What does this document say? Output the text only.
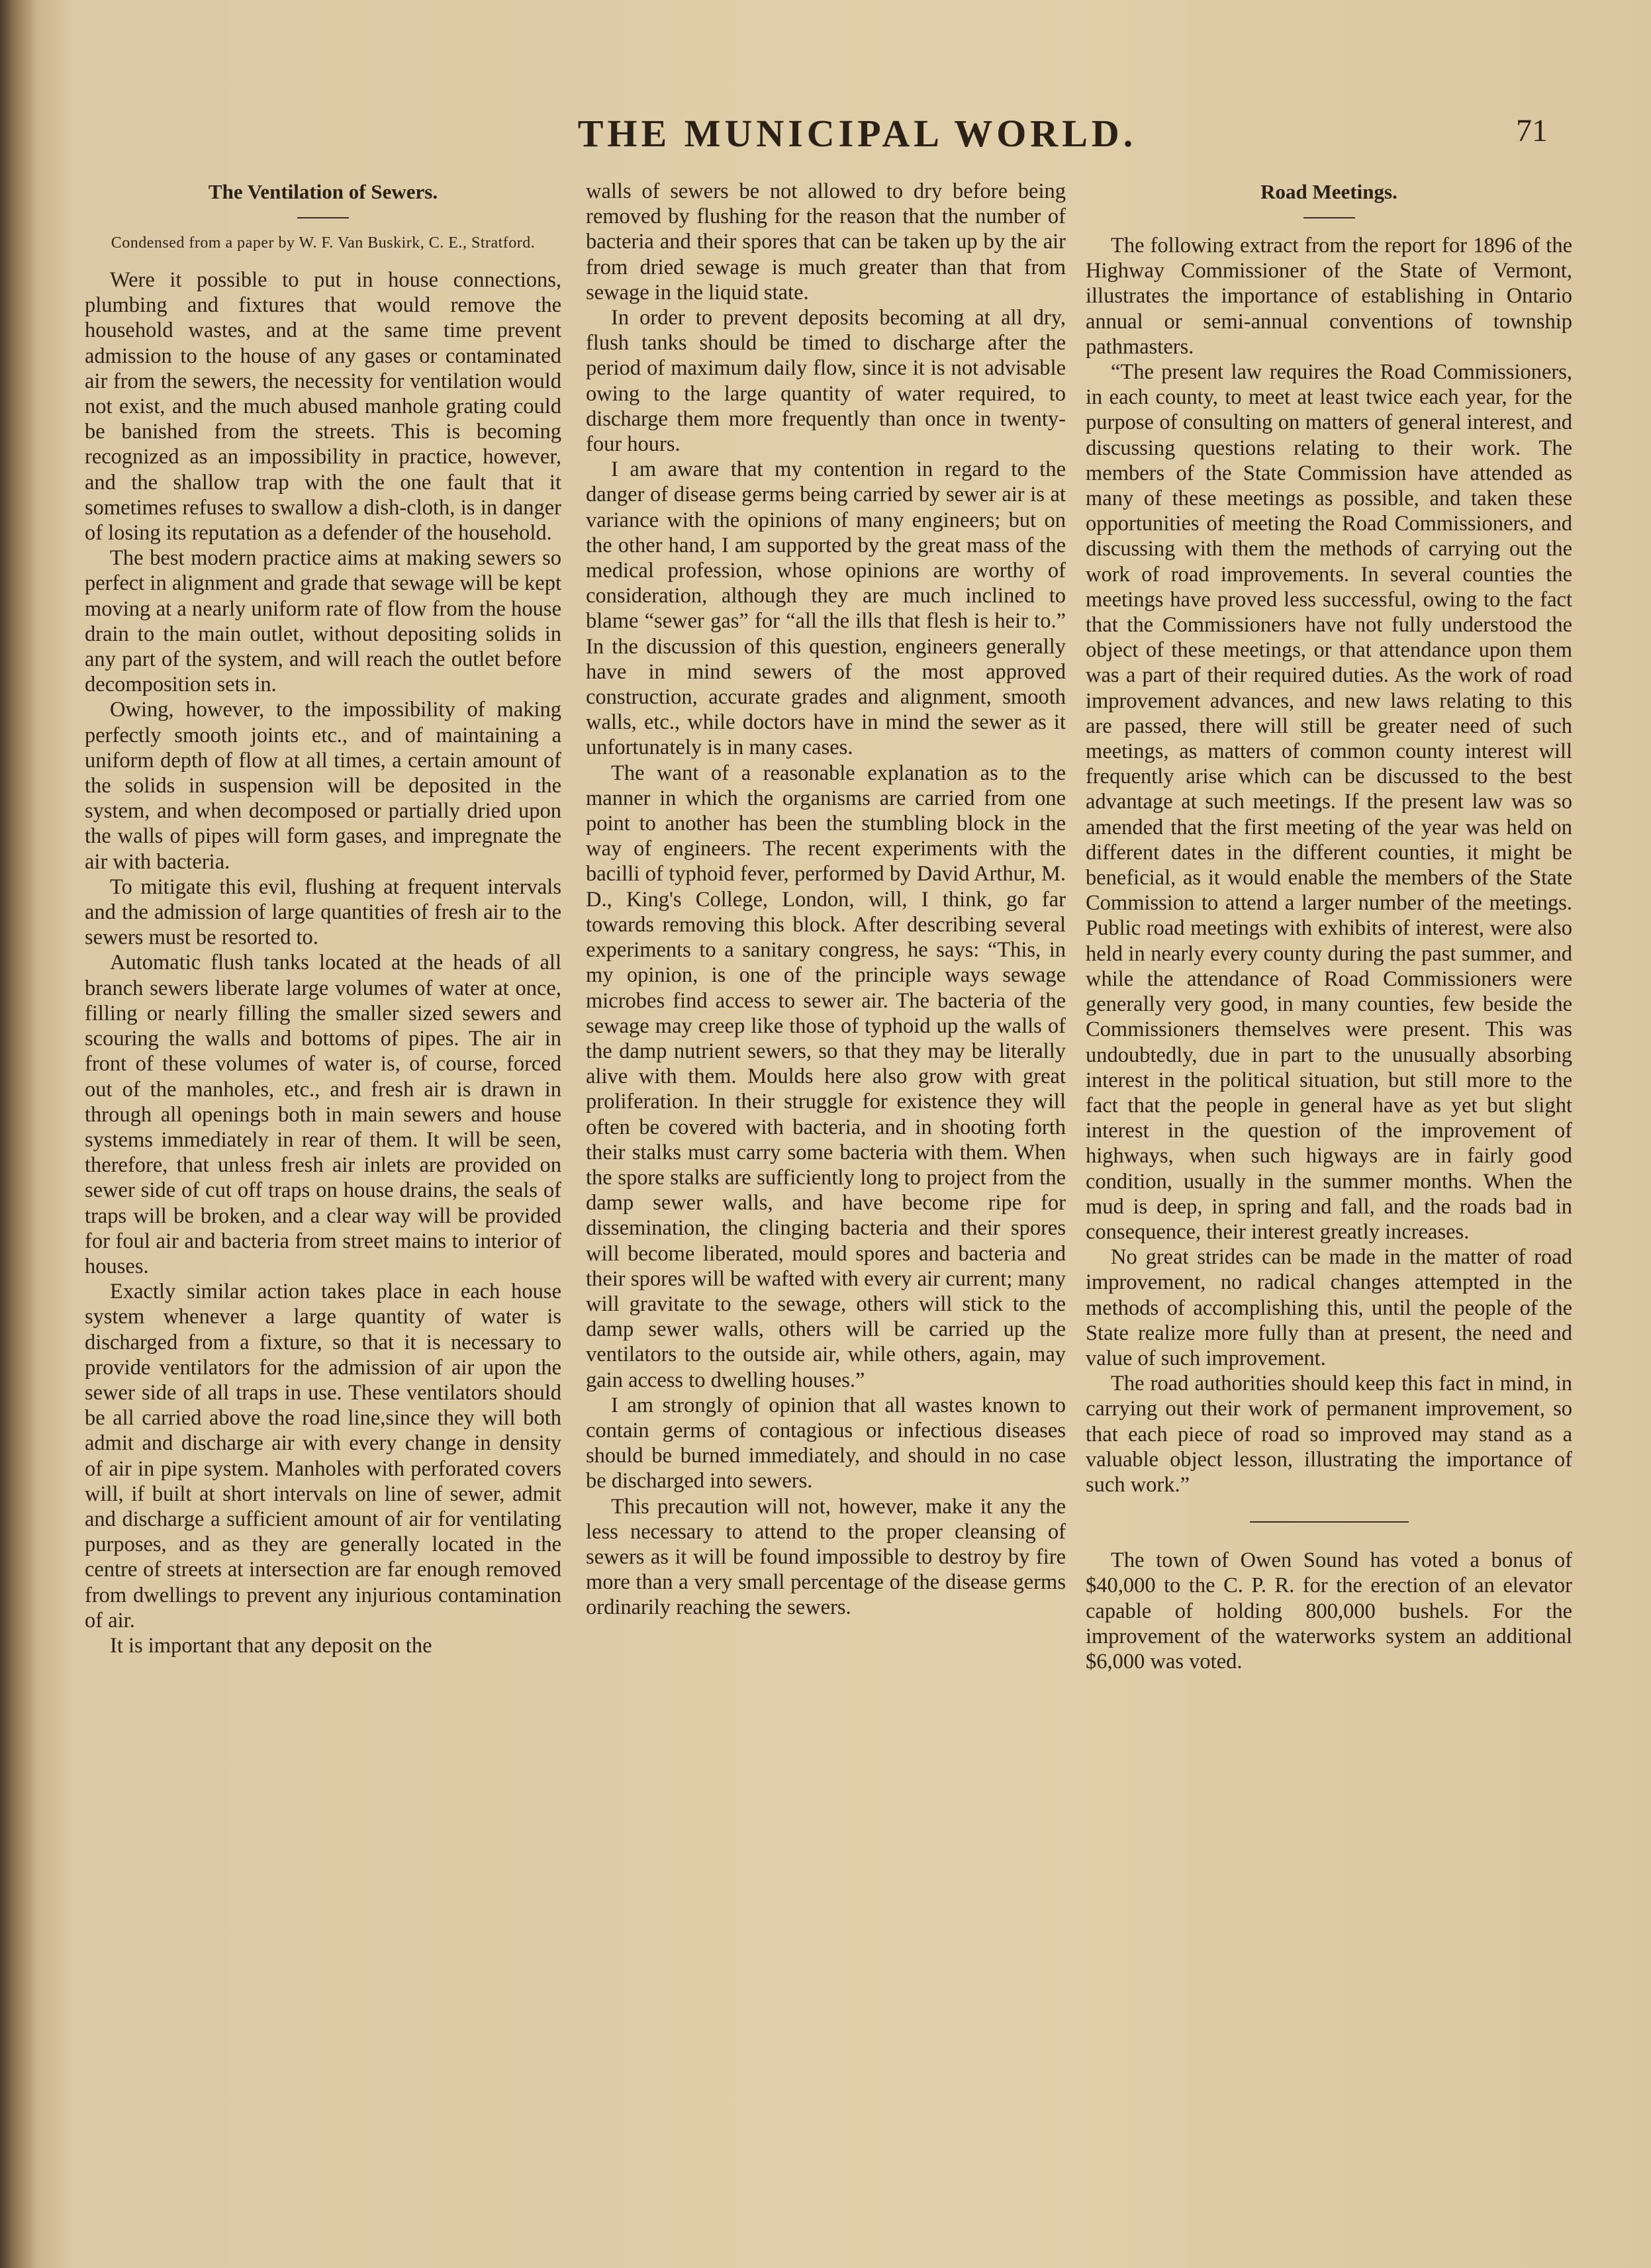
THE MUNICIPAL WORLD.	71
The Ventilation of Sewers.
Condensed from a paper by W. F. Van Buskirk, C. E., Stratford.

Were it possible to put in house connections, plumbing and fixtures that would remove the household wastes, and at the same time prevent admission to the house of any gases or contaminated air from the sewers, the necessity for ventilation would not exist, and the much abused manhole grating could be banished from the streets. This is becoming recognized as an impossibility in practice, however, and the shallow trap with the one fault that it sometimes refuses to swallow a dish-cloth, is in danger of losing its reputation as a defender of the household.

The best modern practice aims at making sewers so perfect in alignment and grade that sewage will be kept moving at a nearly uniform rate of flow from the house drain to the main outlet, without depositing solids in any part of the system, and will reach the outlet before decomposition sets in.

Owing, however, to the impossibility of making perfectly smooth joints etc., and of maintaining a uniform depth of flow at all times, a certain amount of the solids in suspension will be deposited in the system, and when decomposed or partially dried upon the walls of pipes will form gases, and impregnate the air with bacteria.

To mitigate this evil, flushing at frequent intervals and the admission of large quantities of fresh air to the sewers must be resorted to.

Automatic flush tanks located at the heads of all branch sewers liberate large volumes of water at once, filling or nearly filling the smaller sized sewers and scouring the walls and bottoms of pipes. The air in front of these volumes of water is, of course, forced out of the manholes, etc., and fresh air is drawn in through all openings both in main sewers and house systems immediately in rear of them. It will be seen, therefore, that unless fresh air inlets are provided on sewer side of cut off traps on house drains, the seals of traps will be broken, and a clear way will be provided for foul air and bacteria from street mains to interior of houses.

Exactly similar action takes place in each house system whenever a large quantity of water is discharged from a fixture, so that it is necessary to provide ventilators for the admission of air upon the sewer side of all traps in use. These ventilators should be all carried above the road line,since they will both admit and discharge air with every change in density of air in pipe system. Manholes with perforated covers will, if built at short intervals on line of sewer, admit and discharge a sufficient amount of air for ventilating purposes, and as they are generally located in the centre of streets at intersection are far enough removed from dwellings to prevent any injurious contamination of air.

It is important that any deposit on the

walls of sewers be not allowed to dry before being removed by flushing for the reason that the number of bacteria and their spores that can be taken up by the air from dried sewage is much greater than that from sewage in the liquid state.

In order to prevent deposits becoming at all dry, flush tanks should be timed to discharge after the period of maximum daily flow, since it is not advisable owing to the large quantity of water required, to discharge them more frequently than once in twenty-four hours.

I am aware that my contention in regard to the danger of disease germs being carried by sewer air is at variance with the opinions of many engineers; but on the other hand, I am supported by the great mass of the medical profession, whose opinions are worthy of consideration, although they are much inclined to blame “sewer gas” for “all the ills that flesh is heir to.” In the discussion of this question, engineers generally have in mind sewers of the most approved construction, accurate grades and alignment, smooth walls, etc., while doctors have in mind the sewer as it unfortunately is in many cases.

The want of a reasonable explanation as to the manner in which the organisms are carried from one point to another has been the stumbling block in the way of engineers. The recent experiments with the bacilli of typhoid fever, performed by David Arthur, M. D., King's College, London, will, I think, go far towards removing this block. After describing several experiments to a sanitary congress, he says: “This, in my opinion, is one of the principle ways sewage microbes find access to sewer air. The bacteria of the sewage may creep like those of typhoid up the walls of the damp nutrient sewers, so that they may be literally alive with them. Moulds here also grow with great proliferation. In their struggle for existence they will often be covered with bacteria, and in shooting forth their stalks must carry some bacteria with them. When the spore stalks are sufficiently long to project from the damp sewer walls, and have become ripe for dissemination, the clinging bacteria and their spores will become liberated, mould spores and bacteria and their spores will be wafted with every air current; many will gravitate to the sewage, others will stick to the damp sewer walls, others will be carried up the ventilators to the outside air, while others, again, may gain access to dwelling houses.”

I am strongly of opinion that all wastes known to contain germs of contagious or infectious diseases should be burned immediately, and should in no case be discharged into sewers.

This precaution will not, however, make it any the less necessary to attend to the proper cleansing of sewers as it will be found impossible to destroy by fire more than a very small percentage of the disease germs ordinarily reaching the sewers.

Road Meetings.

The following extract from the report for 1896 of the Highway Commissioner of the State of Vermont, illustrates the importance of establishing in Ontario annual or semi-annual conventions of township pathmasters.

“The present law requires the Road Commissioners, in each county, to meet at least twice each year, for the purpose of consulting on matters of general interest, and discussing questions relating to their work. The members of the State Commission have attended as many of these meetings as possible, and taken these opportunities of meeting the Road Commissioners, and discussing with them the methods of carrying out the work of road improvements. In several counties the meetings have proved less successful, owing to the fact that the Commissioners have not fully understood the object of these meetings, or that attendance upon them was a part of their required duties. As the work of road improvement advances, and new laws relating to this are passed, there will still be greater need of such meetings, as matters of common county interest will frequently arise which can be discussed to the best advantage at such meetings. If the present law was so amended that the first meeting of the year was held on different dates in the different counties, it might be beneficial, as it would enable the members of the State Commission to attend a larger number of the meetings. Public road meetings with exhibits of interest, were also held in nearly every county during the past summer, and while the attendance of Road Commissioners were generally very good, in many counties, few beside the Commissioners themselves were present. This was undoubtedly, due in part to the unusually absorbing interest in the political situation, but still more to the fact that the people in general have as yet but slight interest in the question of the improvement of highways, when such higways are in fairly good condition, usually in the summer months. When the mud is deep, in spring and fall, and the roads bad in consequence, their interest greatly increases.

No great strides can be made in the matter of road improvement, no radical changes attempted in the methods of accomplishing this, until the people of the State realize more fully than at present, the need and value of such improvement.

The road authorities should keep this fact in mind, in carrying out their work of permanent improvement, so that each piece of road so improved may stand as a valuable object lesson, illustrating the importance of such work.”

The town of Owen Sound has voted a bonus of $40,000 to the C. P. R. for the erection of an elevator capable of holding 800,000 bushels. For the improvement of the waterworks system an additional $6,000 was voted.
